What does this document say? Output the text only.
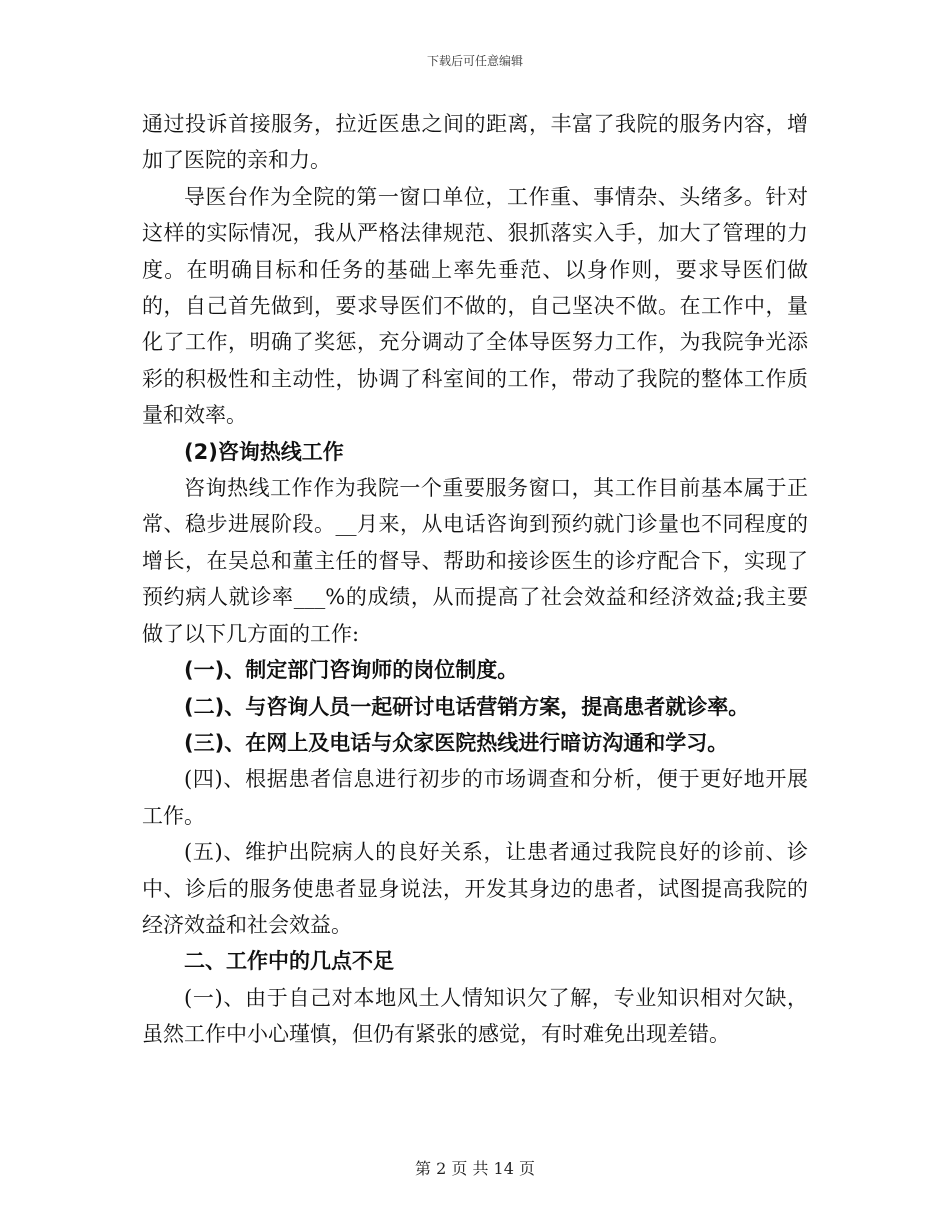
下载后可任意编辑

通过投诉首接服务，拉近医患之间的距离，丰富了我院的服务内容，增加了医院的亲和力。

导医台作为全院的第一窗口单位，工作重、事情杂、头绪多。针对这样的实际情况，我从严格法律规范、狠抓落实入手，加大了管理的力度。在明确目标和任务的基础上率先垂范、以身作则，要求导医们做的，自己首先做到，要求导医们不做的，自己坚决不做。在工作中，量化了工作，明确了奖惩，充分调动了全体导医努力工作，为我院争光添彩的积极性和主动性，协调了科室间的工作，带动了我院的整体工作质量和效率。

(2)咨询热线工作

咨询热线工作作为我院一个重要服务窗口，其工作目前基本属于正常、稳步进展阶段。__月来，从电话咨询到预约就门诊量也不同程度的增长，在吴总和董主任的督导、帮助和接诊医生的诊疗配合下，实现了预约病人就诊率___%的成绩，从而提高了社会效益和经济效益;我主要做了以下几方面的工作:

(一)、制定部门咨询师的岗位制度。

(二)、与咨询人员一起研讨电话营销方案，提高患者就诊率。

(三)、在网上及电话与众家医院热线进行暗访沟通和学习。

(四)、根据患者信息进行初步的市场调查和分析，便于更好地开展工作。

(五)、维护出院病人的良好关系，让患者通过我院良好的诊前、诊中、诊后的服务使患者显身说法，开发其身边的患者，试图提高我院的经济效益和社会效益。

二、工作中的几点不足

(一)、由于自己对本地风土人情知识欠了解，专业知识相对欠缺，虽然工作中小心瑾慎，但仍有紧张的感觉，有时难免出现差错。

第 2 页 共 14 页
